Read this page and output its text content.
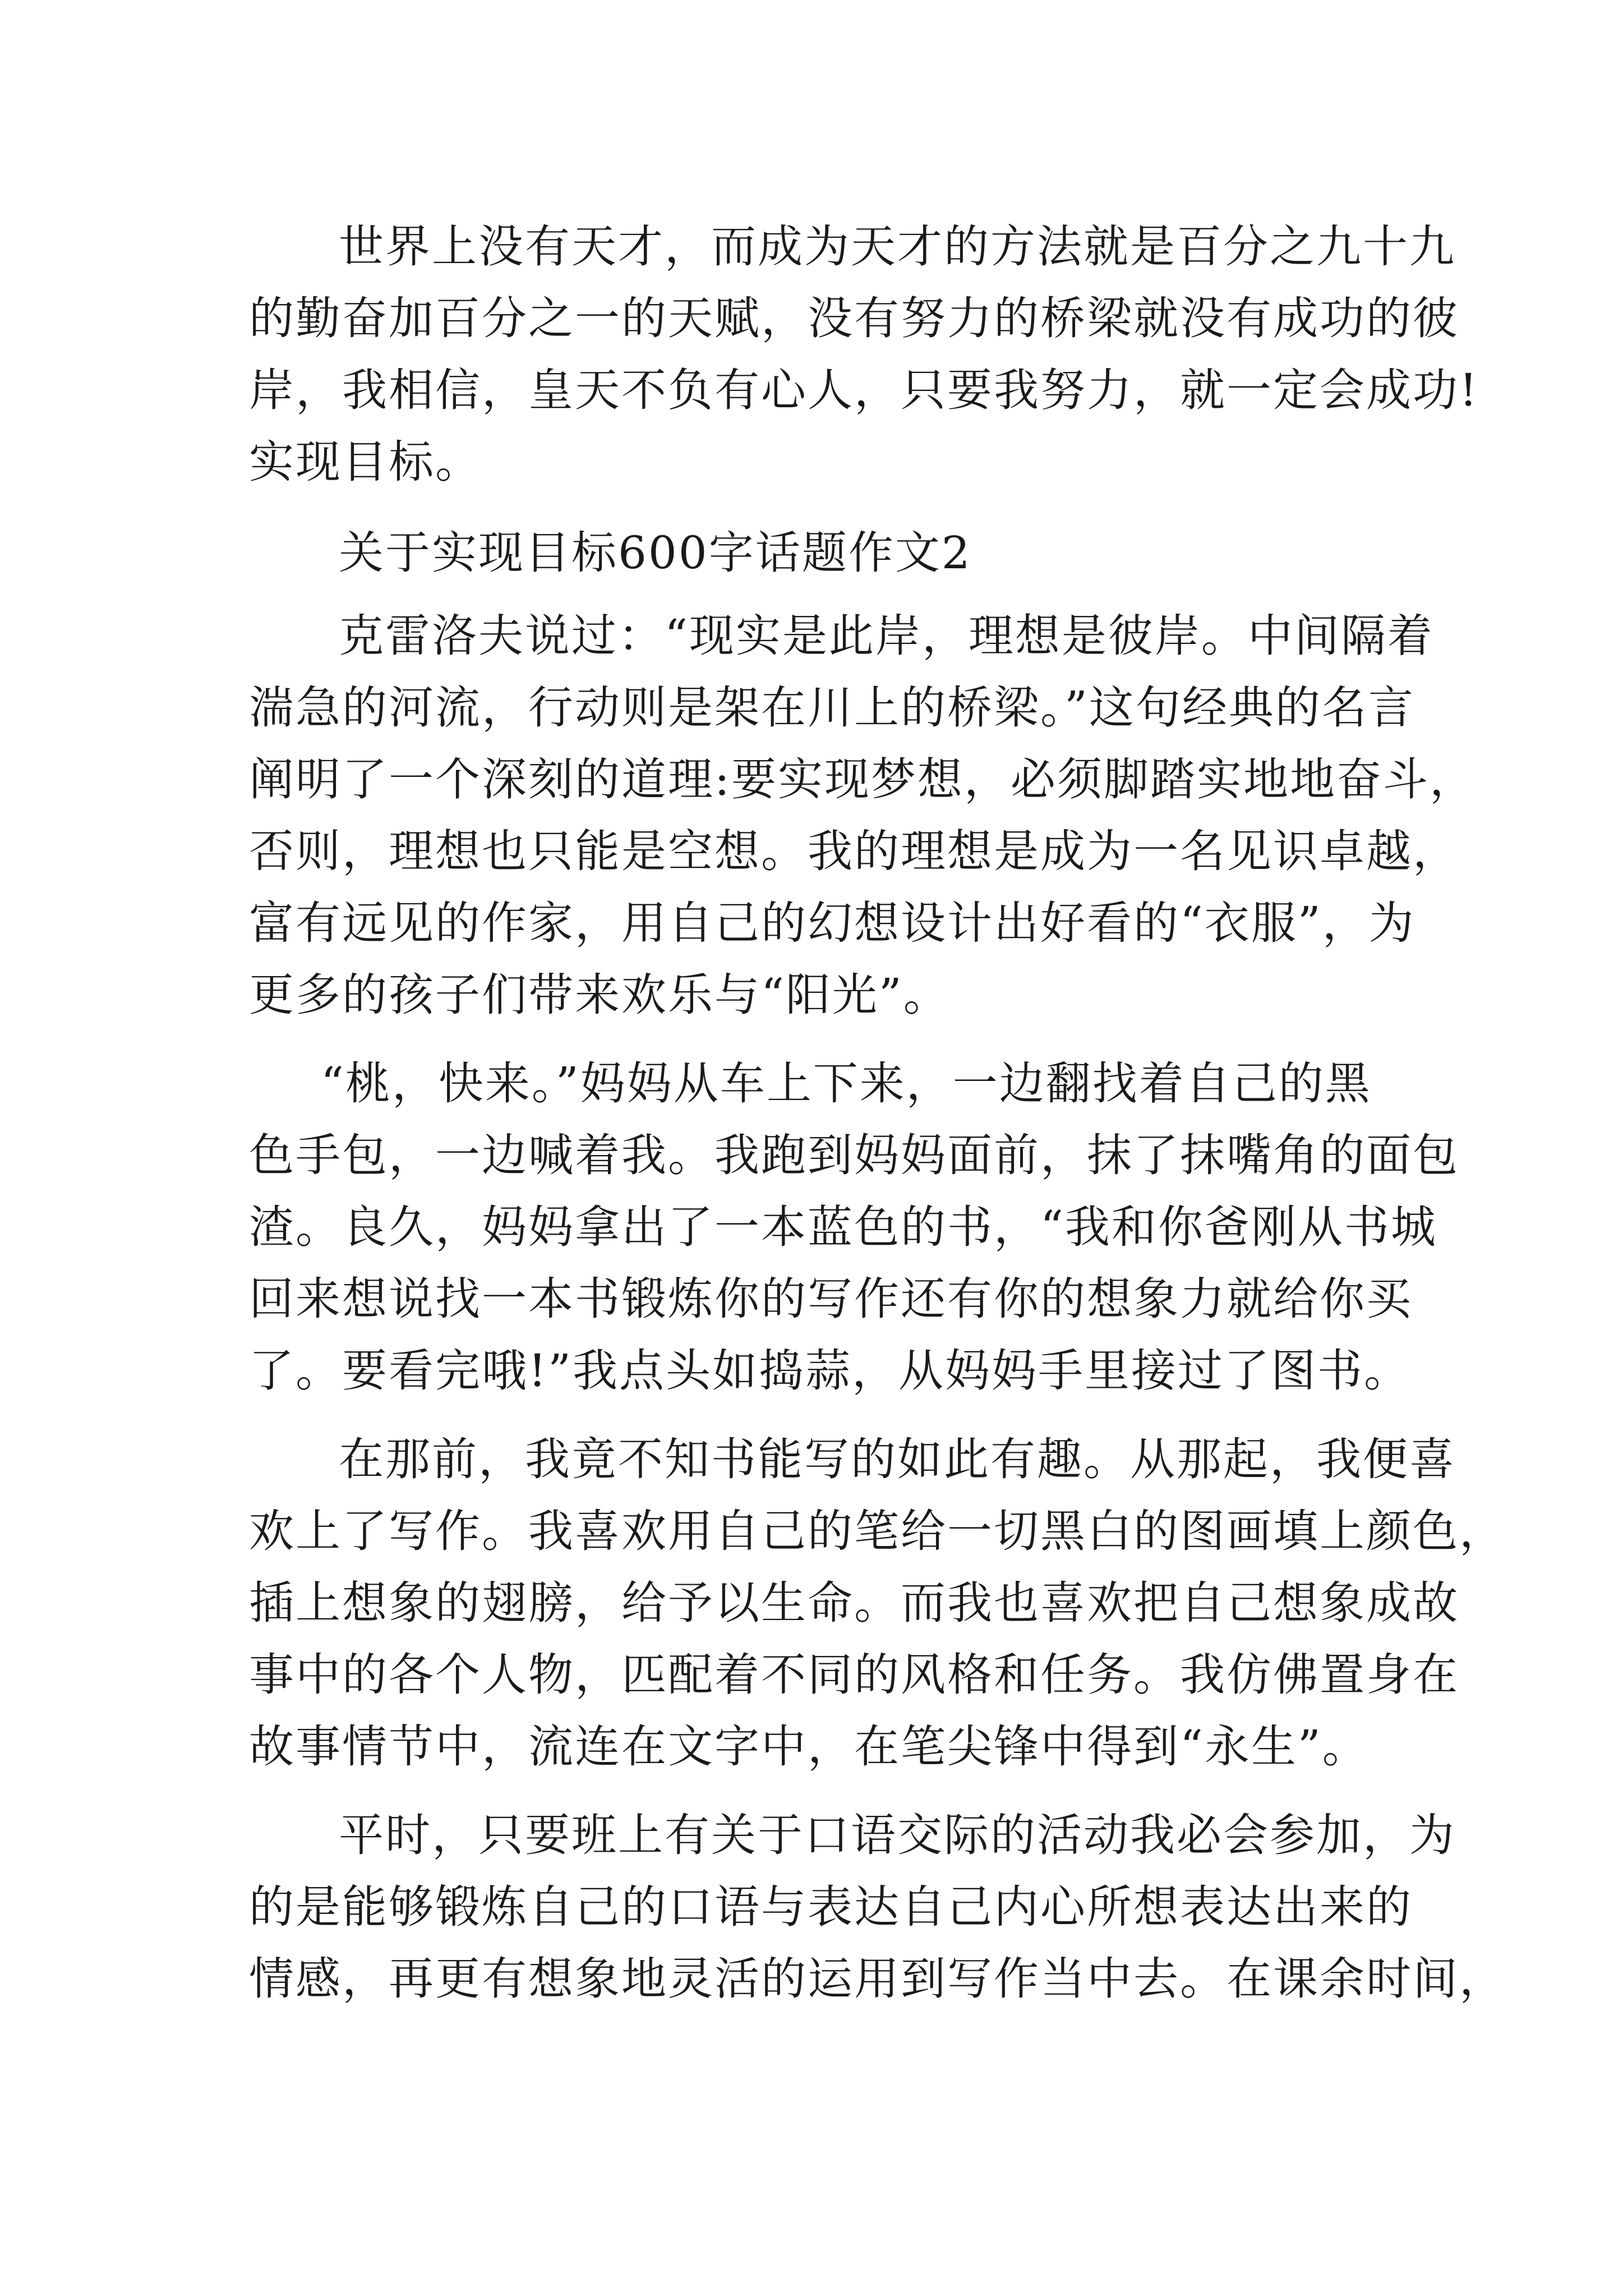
世界上没有天才，而成为天才的方法就是百分之九十九
的勤奋加百分之一的天赋，没有努力的桥梁就没有成功的彼
岸，我相信，皇天不负有心人，只要我努力，就一定会成功!
实现目标。
关于实现目标600字话题作文2
克雷洛夫说过：“现实是此岸，理想是彼岸。中间隔着
湍急的河流，行动则是架在川上的桥梁。”这句经典的名言
阐明了一个深刻的道理:要实现梦想，必须脚踏实地地奋斗，
否则，理想也只能是空想。我的理想是成为一名见识卓越，
富有远见的作家，用自己的幻想设计出好看的“衣服”，为
更多的孩子们带来欢乐与“阳光”。
“桃，快来。”妈妈从车上下来，一边翻找着自己的黑
色手包，一边喊着我。我跑到妈妈面前，抹了抹嘴角的面包
渣。良久，妈妈拿出了一本蓝色的书，“我和你爸刚从书城
回来想说找一本书锻炼你的写作还有你的想象力就给你买
了。要看完哦!”我点头如捣蒜，从妈妈手里接过了图书。
在那前，我竟不知书能写的如此有趣。从那起，我便喜
欢上了写作。我喜欢用自己的笔给一切黑白的图画填上颜色，
插上想象的翅膀，给予以生命。而我也喜欢把自己想象成故
事中的各个人物，匹配着不同的风格和任务。我仿佛置身在
故事情节中，流连在文字中，在笔尖锋中得到“永生”。
平时，只要班上有关于口语交际的活动我必会参加，为
的是能够锻炼自己的口语与表达自己内心所想表达出来的
情感，再更有想象地灵活的运用到写作当中去。在课余时间，
